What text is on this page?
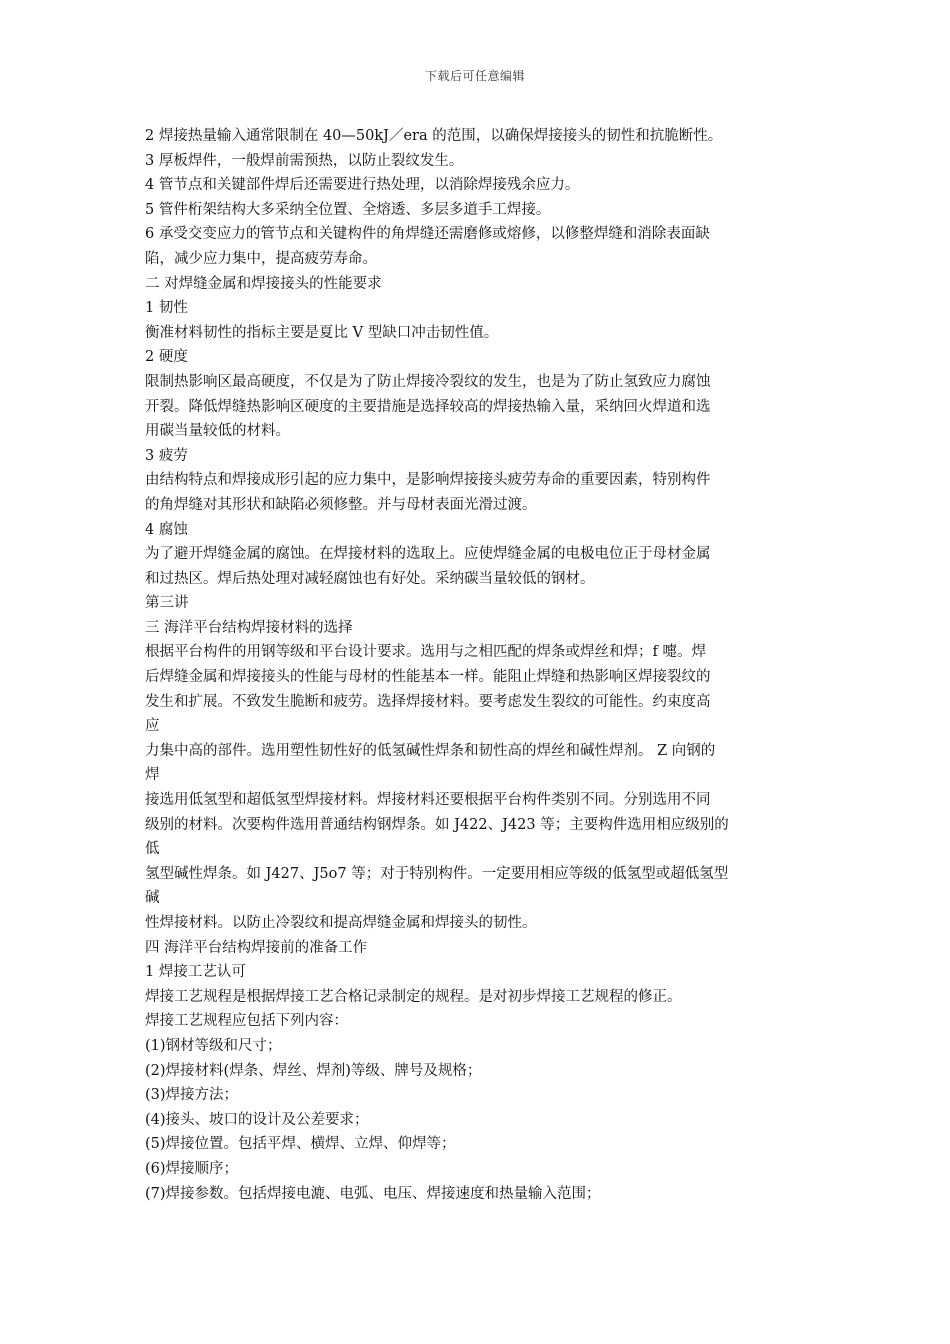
下载后可任意编辑
2 焊接热量输入通常限制在 40—50kJ／era 的范围，以确保焊接接头的韧性和抗脆断性。
3 厚板焊件，一般焊前需预热，以防止裂纹发生。
4 管节点和关键部件焊后还需要进行热处理，以消除焊接残余应力。
5 管件桁架结构大多采纳全位置、全熔透、多层多道手工焊接。
6 承受交变应力的管节点和关键构件的角焊缝还需磨修或熔修，以修整焊缝和消除表面缺
陷，减少应力集中，提高疲劳寿命。
二 对焊缝金属和焊接接头的性能要求
1 韧性
衡准材料韧性的指标主要是夏比 V 型缺口冲击韧性值。
2 硬度
限制热影响区最高硬度，不仅是为了防止焊接冷裂纹的发生，也是为了防止氢致应力腐蚀
开裂。降低焊缝热影响区硬度的主要措施是选择较高的焊接热输入量，采纳回火焊道和选
用碳当量较低的材料。
3 疲劳
由结构特点和焊接成形引起的应力集中，是影响焊接接头疲劳寿命的重要因素，特别构件
的角焊缝对其形状和缺陷必须修整。并与母材表面光滑过渡。
4 腐蚀
为了避开焊缝金属的腐蚀。在焊接材料的选取上。应使焊缝金属的电极电位正于母材金属
和过热区。焊后热处理对减轻腐蚀也有好处。采纳碳当量较低的钢材。
第三讲
三 海洋平台结构焊接材料的选择
根据平台构件的用钢等级和平台设计要求。选用与之相匹配的焊条或焊丝和焊；f 嚏。焊
后焊缝金属和焊接接头的性能与母材的性能基本一样。能阻止焊缝和热影响区焊接裂纹的
发生和扩展。不致发生脆断和疲劳。选择焊接材料。要考虑发生裂纹的可能性。约束度高
应
力集中高的部件。选用塑性韧性好的低氢碱性焊条和韧性高的焊丝和碱性焊剂。 Z 向钢的
焊
接选用低氢型和超低氢型焊接材料。焊接材料还要根据平台构件类别不同。分别选用不同
级别的材料。次要构件选用普通结构钢焊条。如 J422、J423 等；主要构件选用相应级别的
低
氢型碱性焊条。如 J427、J5o7 等；对于特别构件。一定要用相应等级的低氢型或超低氢型
碱
性焊接材料。以防止冷裂纹和提高焊缝金属和焊接头的韧性。
四 海洋平台结构焊接前的准备工作
1 焊接工艺认可
焊接工艺规程是根据焊接工艺合格记录制定的规程。是对初步焊接工艺规程的修正。
焊接工艺规程应包括下列内容：
(1)钢材等级和尺寸；
(2)焊接材料(焊条、焊丝、焊剂)等级、牌号及规格；
(3)焊接方法；
(4)接头、坡口的设计及公差要求；
(5)焊接位置。包括平焊、横焊、立焊、仰焊等；
(6)焊接顺序；
(7)焊接参数。包括焊接电漉、电弧、电压、焊接速度和热量输入范围；
